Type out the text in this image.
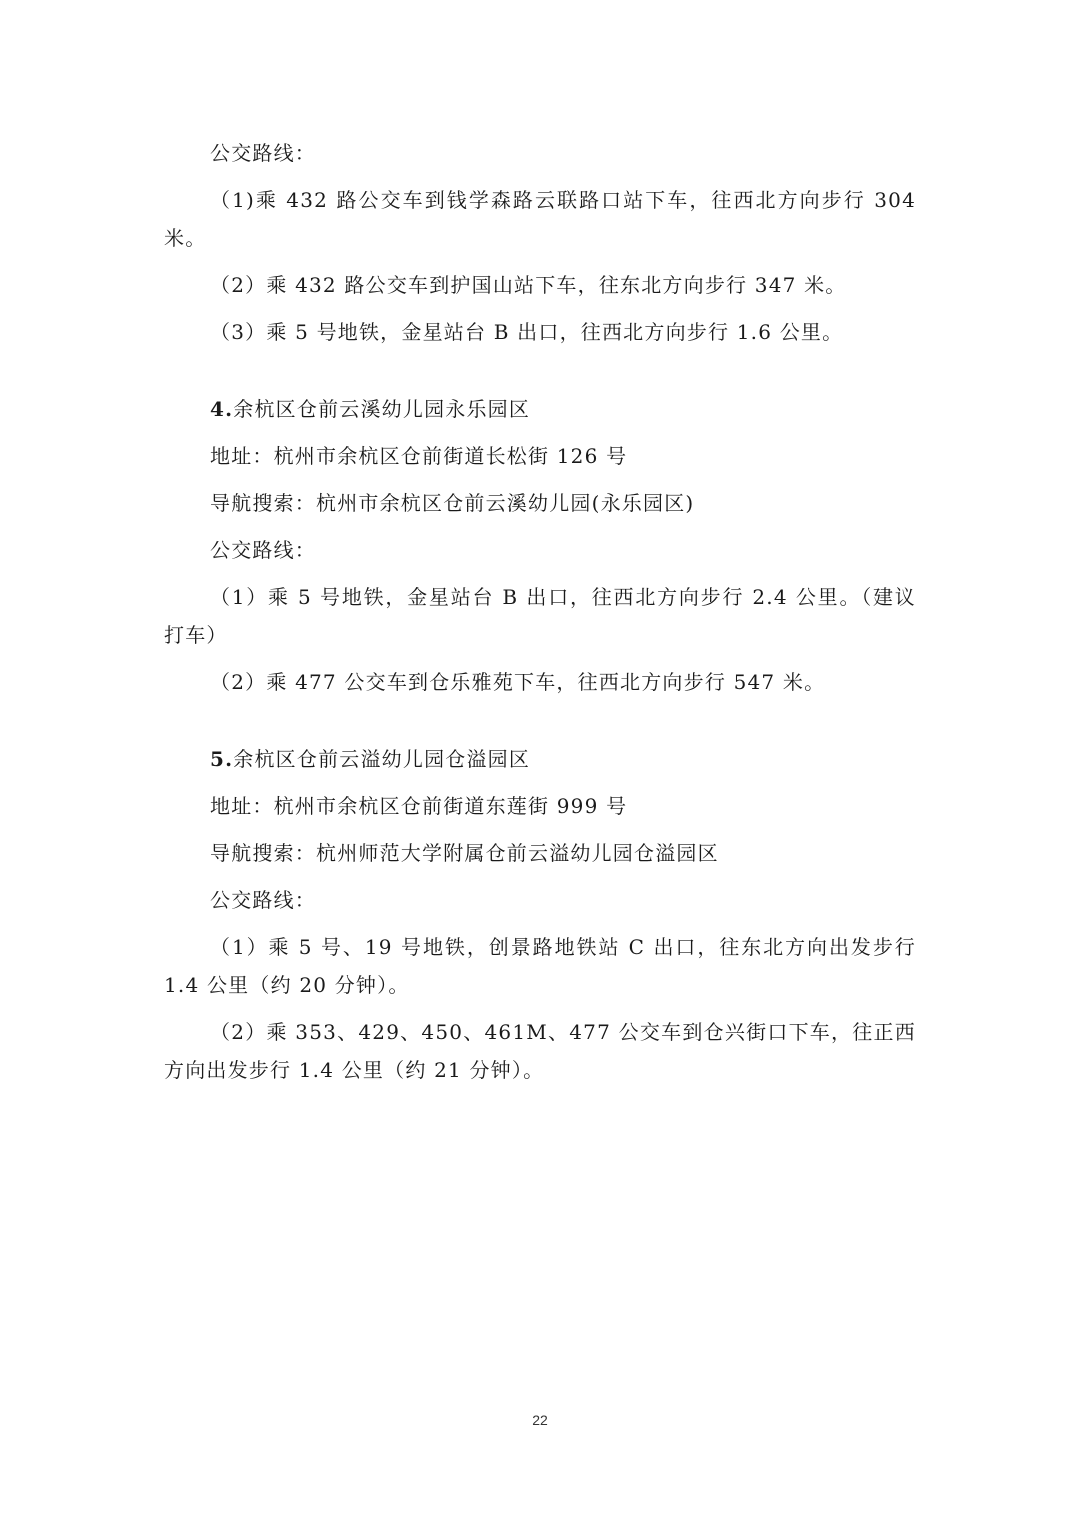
公交路线：

（1)乘 432 路公交车到钱学森路云联路口站下车，往西北方向步行 304 米。

（2）乘 432 路公交车到护国山站下车，往东北方向步行 347 米。

（3）乘 5 号地铁，金星站台 B 出口，往西北方向步行 1.6 公里。

4.余杭区仓前云溪幼儿园永乐园区

地址：杭州市余杭区仓前街道长松街 126 号

导航搜索：杭州市余杭区仓前云溪幼儿园(永乐园区)

公交路线：

（1）乘 5 号地铁，金星站台 B 出口，往西北方向步行 2.4 公里。（建议打车）

（2）乘 477 公交车到仓乐雅苑下车，往西北方向步行 547 米。

5.余杭区仓前云溢幼儿园仓溢园区

地址：杭州市余杭区仓前街道东莲街 999 号

导航搜索：杭州师范大学附属仓前云溢幼儿园仓溢园区

公交路线：

（1）乘 5 号、19 号地铁，创景路地铁站 C 出口，往东北方向出发步行 1.4 公里（约 20 分钟）。

（2）乘 353、429、450、461M、477 公交车到仓兴街口下车，往正西方向出发步行 1.4 公里（约 21 分钟）。

22
